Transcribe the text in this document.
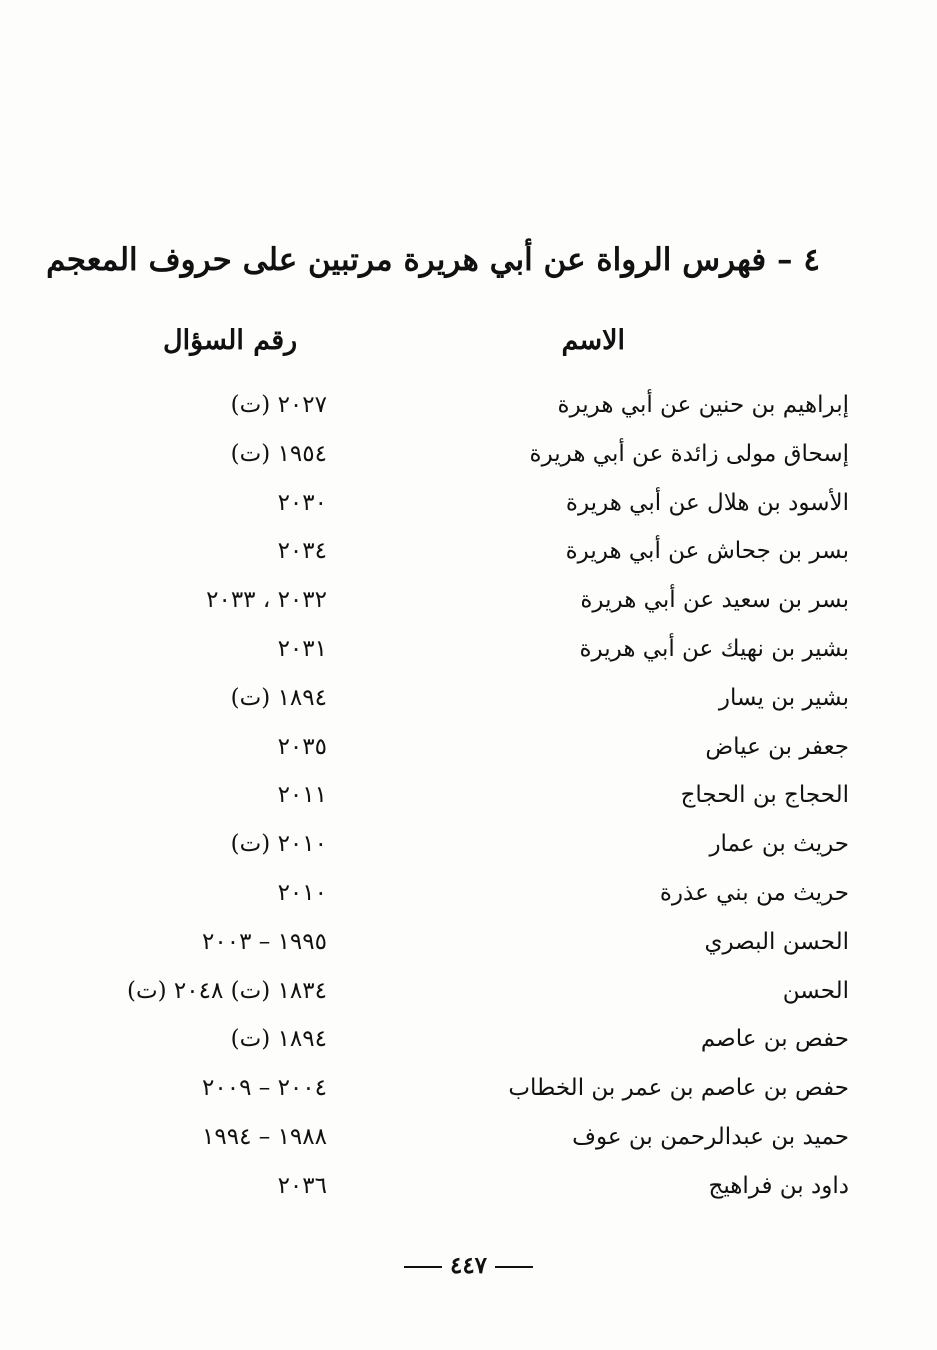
٤ – فهرس الرواة عن أبي هريرة مرتبين على حروف المعجم
الاسم
رقم السؤال
إبراهيم بن حنين عن أبي هريرة
٢٠٢٧ (ت)
إسحاق مولى زائدة عن أبي هريرة
١٩٥٤ (ت)
الأسود بن هلال عن أبي هريرة
٢٠٣٠
بسر بن جحاش عن أبي هريرة
٢٠٣٤
بسر بن سعيد عن أبي هريرة
٢٠٣٢ ، ٢٠٣٣
بشير بن نهيك عن أبي هريرة
٢٠٣١
بشير بن يسار
١٨٩٤ (ت)
جعفر بن عياض
٢٠٣٥
الحجاج بن الحجاج
٢٠١١
حريث بن عمار
٢٠١٠ (ت)
حريث من بني عذرة
٢٠١٠
الحسن البصري
١٩٩٥ – ٢٠٠٣
الحسن
١٨٣٤ (ت) ٢٠٤٨ (ت)
حفص بن عاصم
١٨٩٤ (ت)
حفص بن عاصم بن عمر بن الخطاب
٢٠٠٤ – ٢٠٠٩
حميد بن عبدالرحمن بن عوف
١٩٨٨ – ١٩٩٤
داود بن فراهيج
٢٠٣٦
٤٤٧
